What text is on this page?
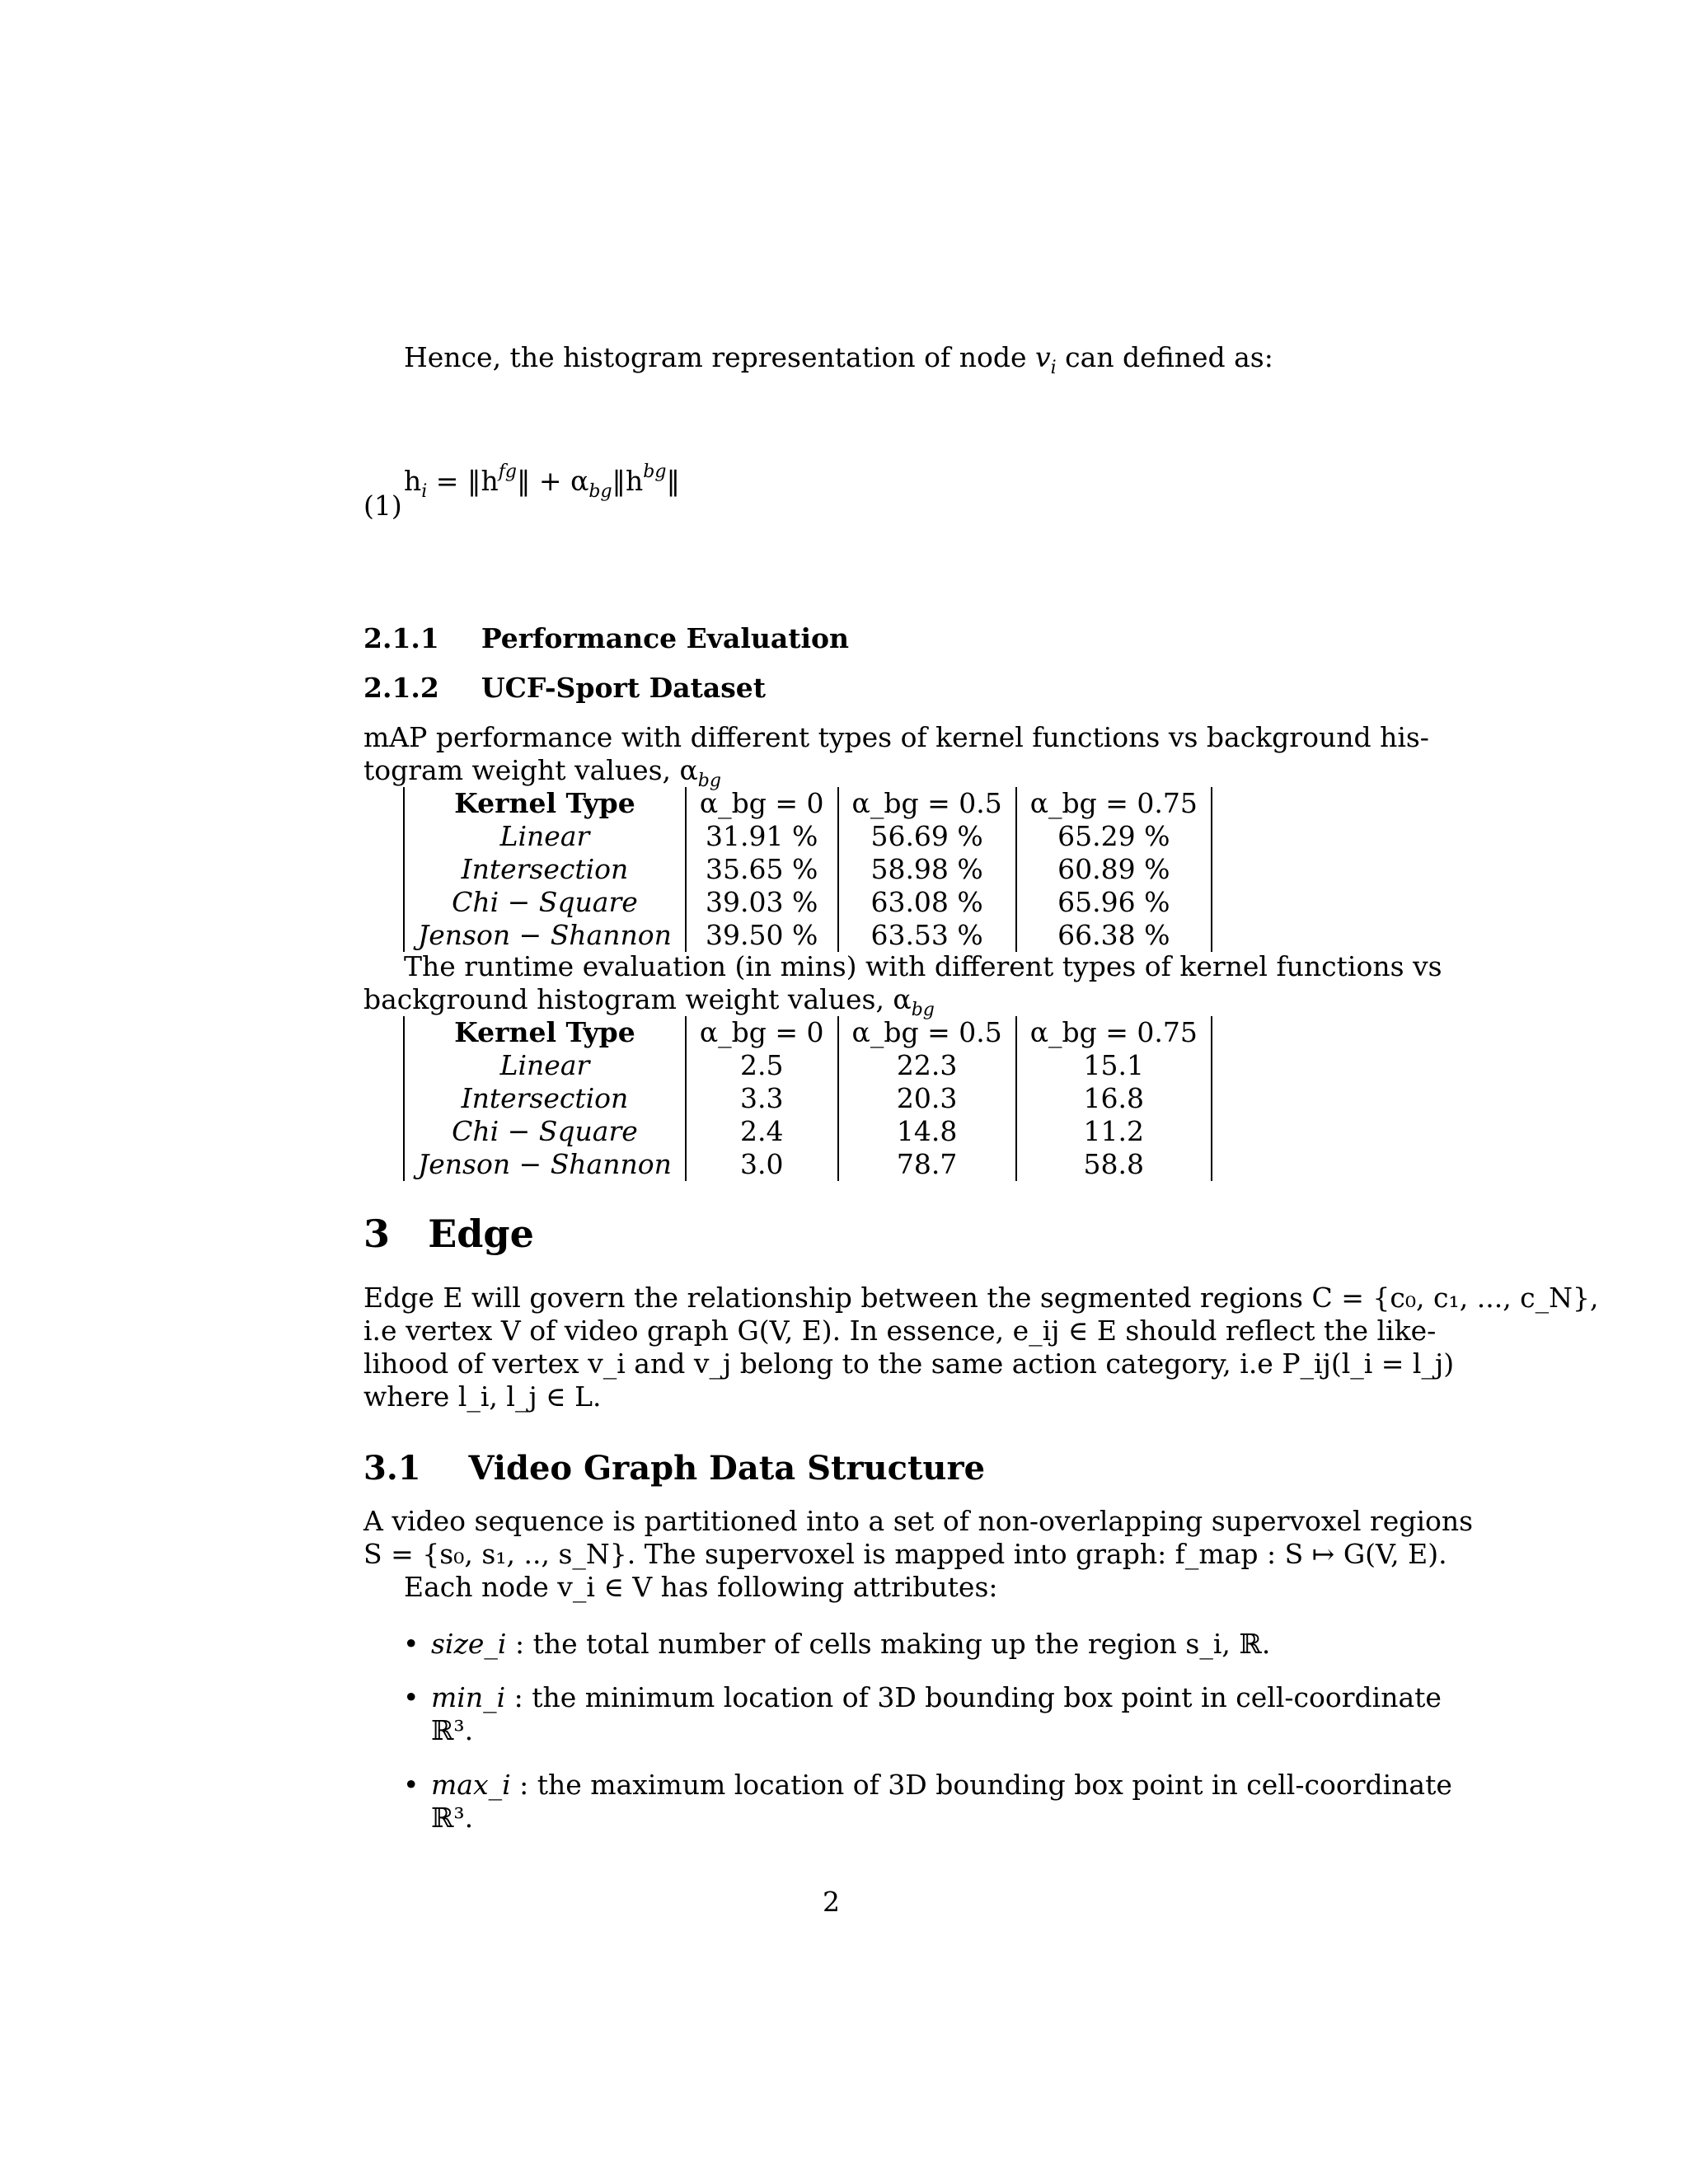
Hence, the histogram representation of node $v_i$ can defined as:
$h_i$ = $‖h^{fg}‖$ + $\alpha_{bg}‖h^{bg}‖$
(1)
2.1.1 Performance Evaluation
2.1.2 UCF-Sport Dataset
mAP performance with different types of kernel functions vs background his-
togram weight values, $\alpha_{bg}$
Kernel Type	α_bg = 0	α_bg = 0.5	α_bg = 0.75
Linear	31.91 %	56.69 %	65.29 %
Intersection	35.65 %	58.98 %	60.89 %
Chi − Square	39.03 %	63.08 %	65.96 %
Jenson − Shannon	39.50 %	63.53 %	66.38 %
The runtime evaluation (in mins) with different types of kernel functions vs
background histogram weight values, $\alpha_{bg}$
Kernel Type	α_bg = 0	α_bg = 0.5	α_bg = 0.75
Linear	2.5	22.3	15.1
Intersection	3.3	20.3	16.8
Chi − Square	2.4	14.8	11.2
Jenson − Shannon	3.0	78.7	58.8
3 Edge
Edge E will govern the relationship between the segmented regions C = {c₀, c₁, ..., c_N},
i.e vertex V of video graph G(V, E). In essence, e_ij ∈ E should reflect the like-
lihood of vertex v_i and v_j belong to the same action category, i.e P_ij(l_i = l_j)
where l_i, l_j ∈ L.
3.1 Video Graph Data Structure
A video sequence is partitioned into a set of non-overlapping supervoxel regions
S = {s₀, s₁, .., s_N}. The supervoxel is mapped into graph: f_map : S ↦ G(V, E).
Each node v_i ∈ V has following attributes:
• size_i : the total number of cells making up the region s_i, ℝ.
• min_i : the minimum location of 3D bounding box point in cell-coordinate
ℝ³.
• max_i : the maximum location of 3D bounding box point in cell-coordinate
ℝ³.
2
